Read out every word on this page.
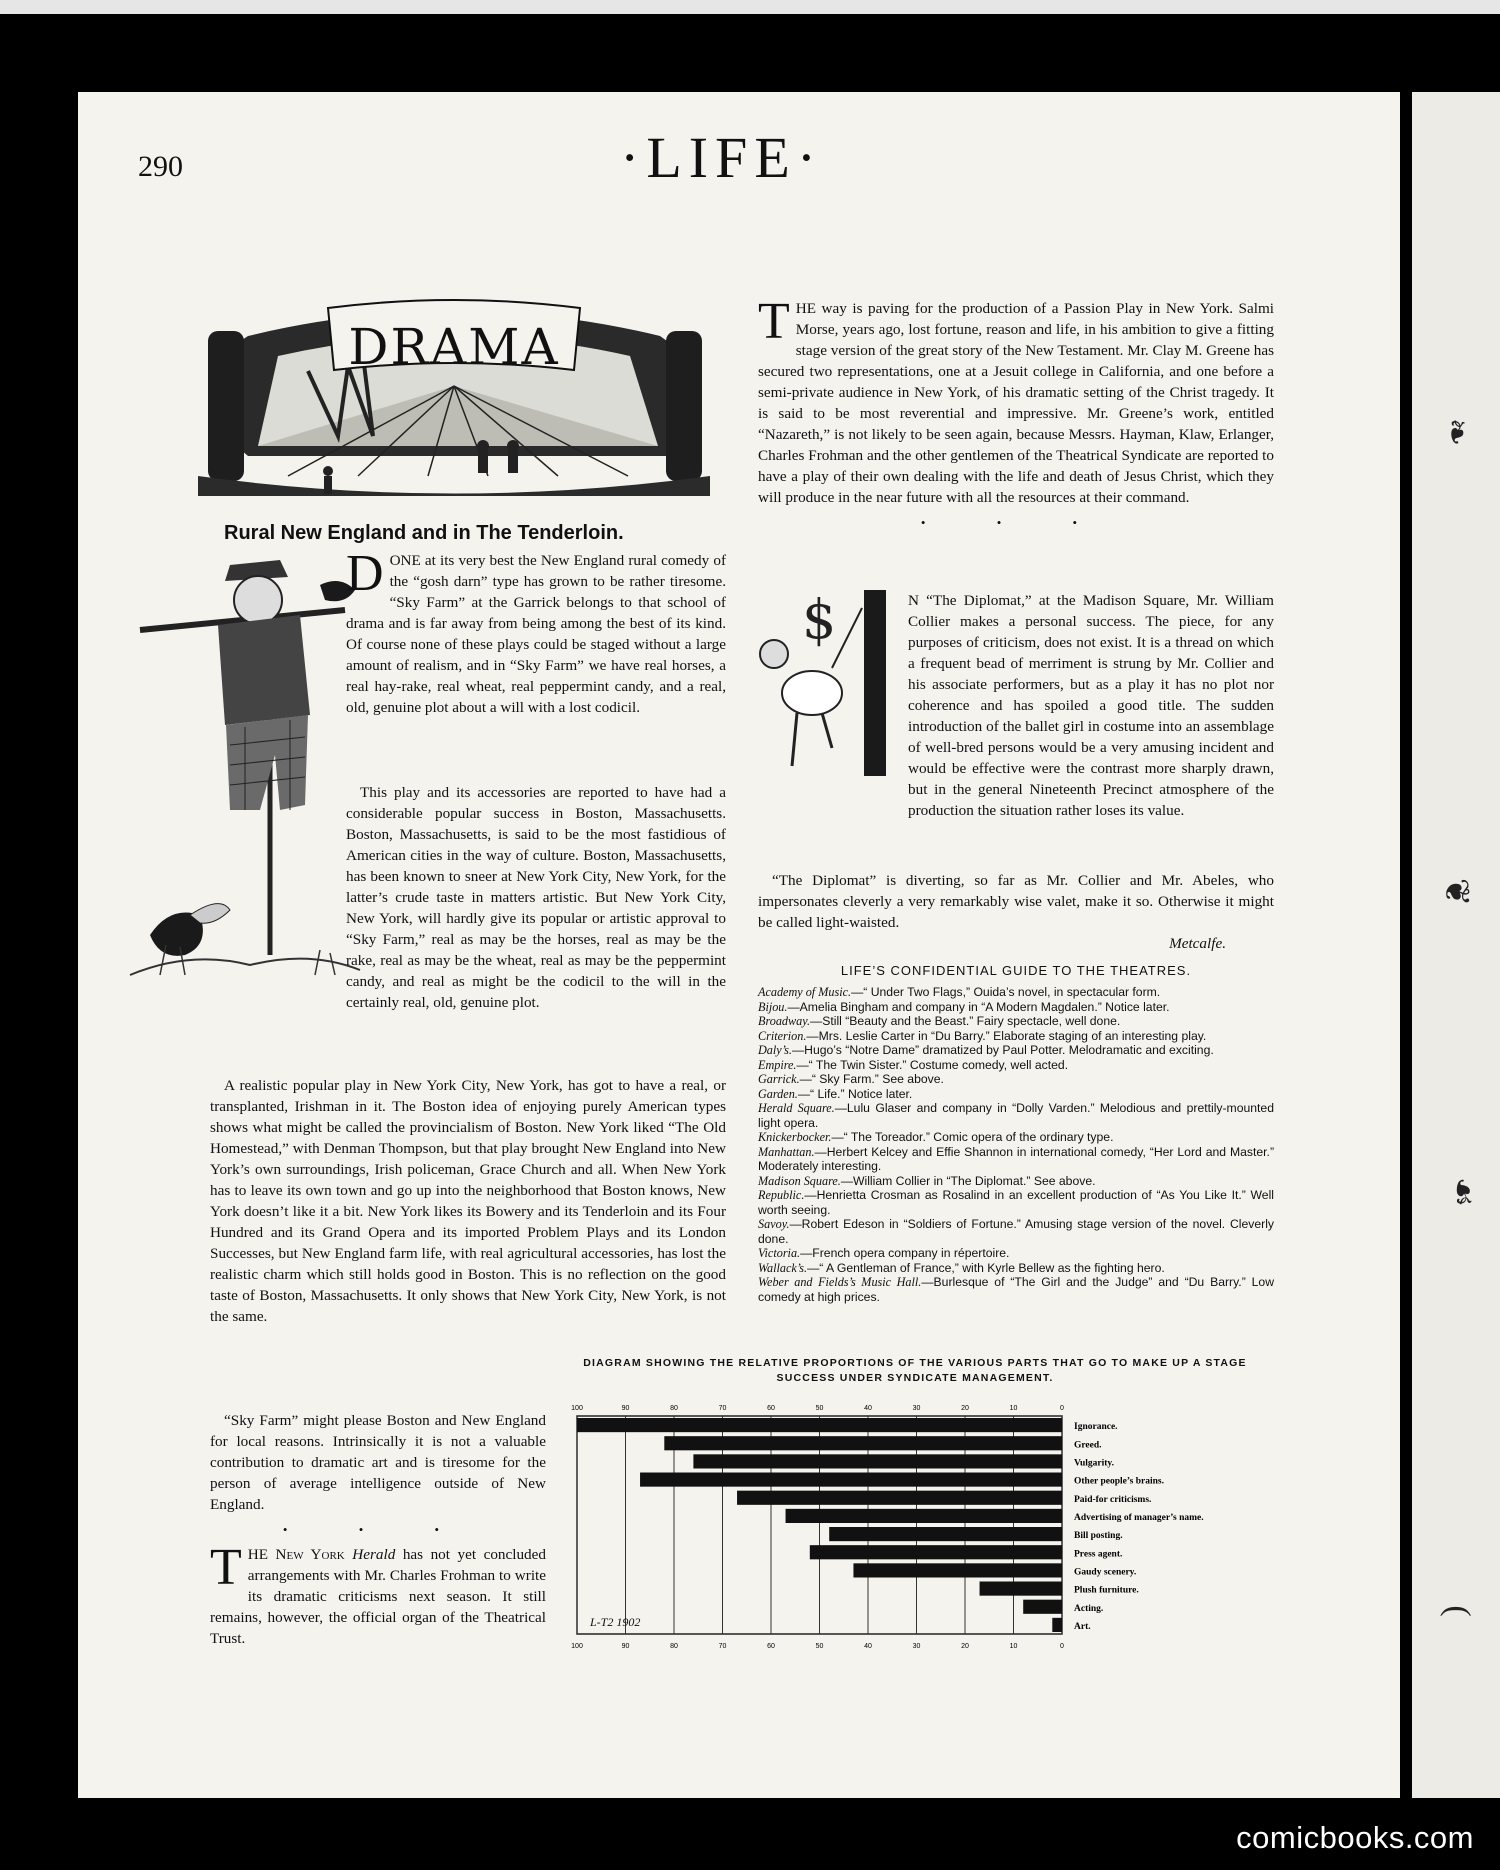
❧
❦
☙
(
290	·LIFE·
DRAMA
Rural New England and in The Tenderloin.

DONE at its very best the New England rural comedy of the “gosh darn” type has grown to be rather tiresome. “Sky Farm” at the Garrick belongs to that school of drama and is far away from being among the best of its kind. Of course none of these plays could be staged without a large amount of realism, and in “Sky Farm” we have real horses, a real hay-rake, real wheat, real peppermint candy, and a real, old, genuine plot about a will with a lost codicil.

This play and its accessories are reported to have had a considerable popular success in Boston, Massachusetts. Boston, Massachusetts, is said to be the most fastidious of American cities in the way of culture. Boston, Massachusetts, has been known to sneer at New York City, New York, for the latter’s crude taste in matters artistic. But New York City, New York, will hardly give its popular or artistic approval to “Sky Farm,” real as may be the horses, real as may be the rake, real as may be the wheat, real as may be the peppermint candy, and real as might be the codicil to the will in the certainly real, old, genuine plot.

A realistic popular play in New York City, New York, has got to have a real, or transplanted, Irishman in it. The Boston idea of enjoying purely American types shows what might be called the provincialism of Boston. New York liked “The Old Homestead,” with Denman Thompson, but that play brought New England into New York’s own surroundings, Irish policeman, Grace Church and all. When New York has to leave its own town and go up into the neighborhood that Boston knows, New York doesn’t like it a bit. New York likes its Bowery and its Tenderloin and its Four Hundred and its Grand Opera and its imported Problem Plays and its London Successes, but New England farm life, with real agricultural accessories, has lost the realistic charm which still holds good in Boston. This is no reflection on the good taste of Boston, Massachusetts. It only shows that New York City, New York, is not the same.

“Sky Farm” might please Boston and New England for local reasons. Intrinsically it is not a valuable contribution to dramatic art and is tiresome for the person of average intelligence outside of New England.

• • •

THE New York Herald has not yet concluded arrangements with Mr. Charles Frohman to write its dramatic criticisms next season. It still remains, however, the official organ of the Theatrical Trust.

THE way is paving for the production of a Passion Play in New York. Salmi Morse, years ago, lost fortune, reason and life, in his ambition to give a fitting stage version of the great story of the New Testament. Mr. Clay M. Greene has secured two representations, one at a Jesuit college in California, and one before a semi-private audience in New York, of his dramatic setting of the Christ tragedy. It is said to be most reverential and impressive. Mr. Greene’s work, entitled “Nazareth,” is not likely to be seen again, because Messrs. Hayman, Klaw, Erlanger, Charles Frohman and the other gentlemen of the Theatrical Syndicate are reported to have a play of their own dealing with the life and death of Jesus Christ, which they will produce in the near future with all the resources at their command.

• • •
$	N “The Diplomat,” at the Madison Square, Mr. William Collier makes a personal success. The piece, for any purposes of criticism, does not exist. It is a thread on which a frequent bead of merriment is strung by Mr. Collier and his associate performers, but as a play it has no plot nor coherence and has spoiled a good title. The sudden introduction of the ballet girl in costume into an assemblage of well-bred persons would be a very amusing incident and would be effective were the contrast more sharply drawn, but in the general Nineteenth Precinct atmosphere of the production the situation rather loses its value.

“The Diplomat” is diverting, so far as Mr. Collier and Mr. Abeles, who impersonates cleverly a very remarkably wise valet, make it so. Otherwise it might be called light-waisted.

Metcalfe.
LIFE’S CONFIDENTIAL GUIDE TO THE THEATRES.
Academy of Music.—“ Under Two Flags,” Ouida’s novel, in spectacular form.
Bijou.—Amelia Bingham and company in “A Modern Magdalen.” Notice later.
Broadway.—Still “Beauty and the Beast.” Fairy spectacle, well done.
Criterion.—Mrs. Leslie Carter in “Du Barry.” Elaborate staging of an interesting play.
Daly’s.—Hugo’s “Notre Dame” dramatized by Paul Potter. Melodramatic and exciting.
Empire.—“ The Twin Sister.” Costume comedy, well acted.
Garrick.—“ Sky Farm.” See above.
Garden.—“ Life.” Notice later.
Herald Square.—Lulu Glaser and company in “Dolly Varden.” Melodious and prettily-mounted light opera.
Knickerbocker.—“ The Toreador.” Comic opera of the ordinary type.
Manhattan.—Herbert Kelcey and Effie Shannon in international comedy, “Her Lord and Master.” Moderately interesting.
Madison Square.—William Collier in “The Diplomat.” See above.
Republic.—Henrietta Crosman as Rosalind in an excellent production of “As You Like It.” Well worth seeing.
Savoy.—Robert Edeson in “Soldiers of Fortune.” Amusing stage version of the novel. Cleverly done.
Victoria.—French opera company in répertoire.
Wallack’s.—“ A Gentleman of France,” with Kyrle Bellew as the fighting hero.
Weber and Fields’s Music Hall.—Burlesque of “The Girl and the Judge” and “Du Barry.” Low comedy at high prices.
DIAGRAM SHOWING THE RELATIVE PROPORTIONS OF THE VARIOUS PARTS THAT GO TO MAKE UP A STAGE SUCCESS UNDER SYNDICATE MANAGEMENT.
100
100
90
90
80
80
70
70
60
60
50
50
40
40
30
30
20
20
10
10
0
0
Ignorance.
Greed.
Vulgarity.
Other people’s brains.
Paid-for criticisms.
Advertising of manager’s name.
Bill posting.
Press agent.
Gaudy scenery.
Plush furniture.
Acting.
Art.
L-T2 1902
comicbooks.com
